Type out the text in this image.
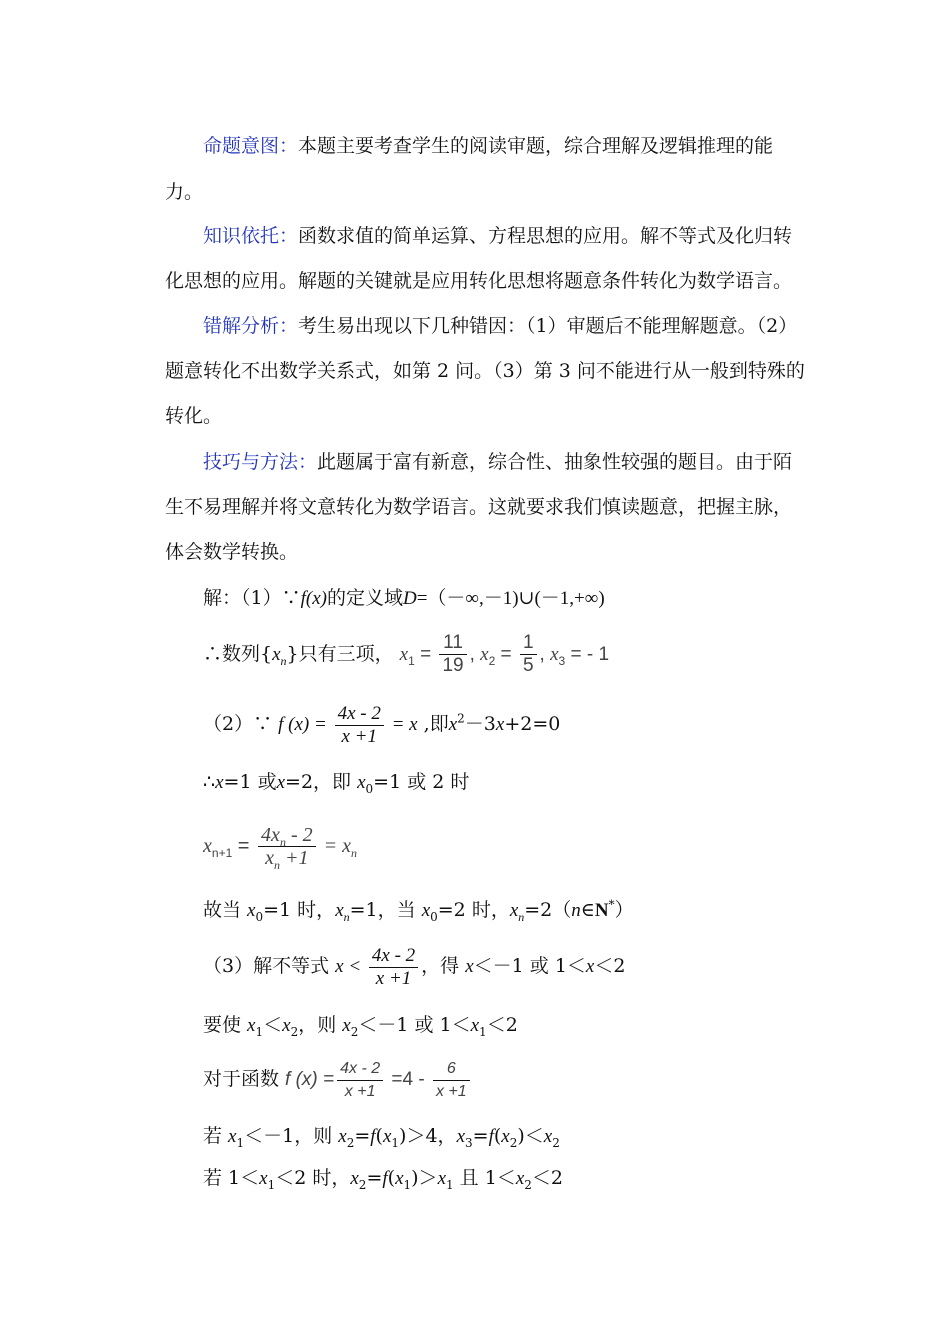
命题意图：本题主要考查学生的阅读审题，综合理解及逻辑推理的能
力。
知识依托：函数求值的简单运算、方程思想的应用。解不等式及化归转
化思想的应用。解题的关键就是应用转化思想将题意条件转化为数学语言。
错解分析：考生易出现以下几种错因：（1）审题后不能理解题意。（2）
题意转化不出数学关系式，如第 2 问。（3）第 3 问不能进行从一般到特殊的
转化。
技巧与方法：此题属于富有新意，综合性、抽象性较强的题目。由于陌
生不易理解并将文意转化为数学语言。这就要求我们慎读题意，把握主脉，
体会数学转换。
解：（1）∵f(x)的定义域D=（－∞,－1)∪(－1,+∞)
∴数列$\{x_n\}$只有三项， $x_1 = \frac{11}{19}$ , $x_2 = \frac{1}{5}$ , $x_3$ = - 1
（2）∵ f $(x) = \frac{4x - 2}{x +1} = x$ ,即$x^2-3x+2=0$
∴x=1 或x=2，即 $x_0=1$ 或 2 时
$x_{n+1} = \frac{4x_n - 2}{x_n +1} = x_n$
故当 $x_0=1$ 时，$x_n=1$，当 $x_0=2$ 时，$x_n=2(n\in N^*)$
（3）解不等式 $x < \frac{4x - 2}{x +1}$ ，得 x＜－1 或 1＜x＜2
要使 $x_1<x_2$，则 $x_2<-1$ 或 $1<x_1<2$
对于函数 f $(x) = \frac{4x - 2}{x +1} =4 - \frac{6}{x +1}$
若 $x_1<-1$，则 $x_2=f(x_1)>4$，$x_3=f(x_2)<x_2$
若 $1<x_1<2$ 时，$x_2=f(x_1)>x_1$ 且 $1<x_2<2$
